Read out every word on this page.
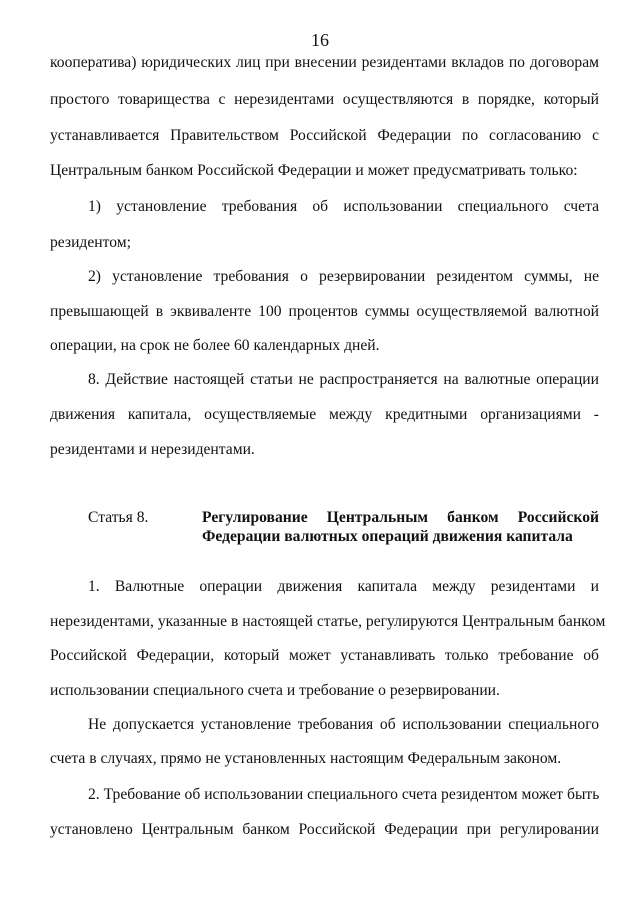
16
кооператива) юридических лиц при внесении резидентами вкладов по договорам
простого товарищества с нерезидентами осуществляются в порядке, который
устанавливается Правительством Российской Федерации по согласованию с
Центральным банком Российской Федерации и может предусматривать только:
1) установление требования об использовании специального счета
резидентом;
2) установление требования о резервировании резидентом суммы, не
превышающей в эквиваленте 100 процентов суммы осуществляемой валютной
операции, на срок не более 60 календарных дней.
8. Действие настоящей статьи не распространяется на валютные операции
движения капитала, осуществляемые между кредитными организациями -
резидентами и нерезидентами.
Статья 8.	Регулирование Центральным банком Российской
Федерации валютных операций движения капитала
1. Валютные операции движения капитала между резидентами и
нерезидентами, указанные в настоящей статье, регулируются Центральным банком
Российской Федерации, который может устанавливать только требование об
использовании специального счета и требование о резервировании.
Не допускается установление требования об использовании специального
счета в случаях, прямо не установленных настоящим Федеральным законом.
2. Требование об использовании специального счета резидентом может быть
установлено Центральным банком Российской Федерации при регулировании
